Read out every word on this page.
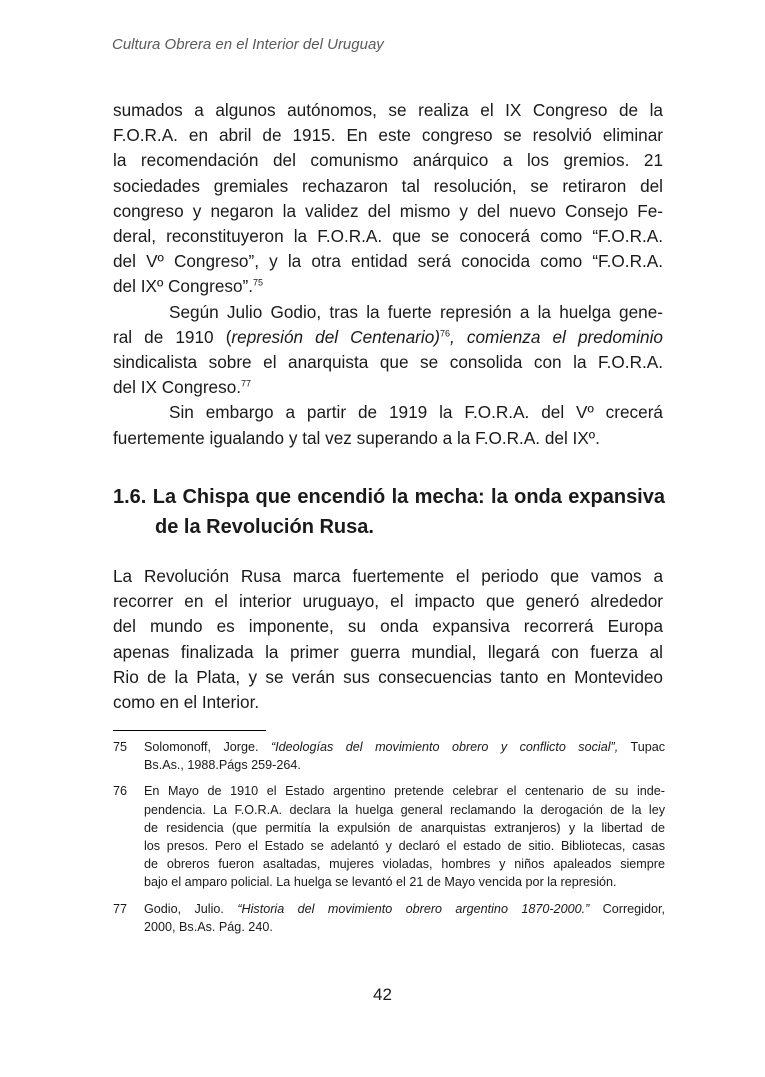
Cultura Obrera en el Interior del Uruguay
sumados a algunos autónomos, se realiza el IX Congreso de la
F.O.R.A. en abril de 1915. En este congreso se resolvió eliminar
la recomendación del comunismo anárquico a los gremios. 21
sociedades gremiales rechazaron tal resolución, se retiraron del
congreso y negaron la validez del mismo y del nuevo Consejo Fe-
deral, reconstituyeron la F.O.R.A. que se conocerá como “F.O.R.A.
del Vº Congreso”, y la otra entidad será conocida como “F.O.R.A.
del IXº Congreso”.$^{75}$
Según Julio Godio, tras la fuerte represión a la huelga gene-
ral de 1910 (represión del Centenario)$^{76}$, comienza el predominio
sindicalista sobre el anarquista que se consolida con la F.O.R.A.
del IX Congreso.$^{77}$
Sin embargo a partir de 1919 la F.O.R.A. del Vº crecerá
fuertemente igualando y tal vez superando a la F.O.R.A. del IXº.
1.6. La Chispa que encendió la mecha: la onda expansiva
de la Revolución Rusa.
La Revolución Rusa marca fuertemente el periodo que vamos a
recorrer en el interior uruguayo, el impacto que generó alrededor
del mundo es imponente, su onda expansiva recorrerá Europa
apenas finalizada la primer guerra mundial, llegará con fuerza al
Rio de la Plata, y se verán sus consecuencias tanto en Montevideo
como en el Interior.
75	Solomonoff, Jorge. “Ideologías del movimiento obrero y conflicto social”, Tupac
Bs.As., 1988.Págs 259-264.
76	En Mayo de 1910 el Estado argentino pretende celebrar el centenario de su inde-
pendencia. La F.O.R.A. declara la huelga general reclamando la derogación de la ley
de residencia (que permitía la expulsión de anarquistas extranjeros) y la libertad de
los presos. Pero el Estado se adelantó y declaró el estado de sitio. Bibliotecas, casas
de obreros fueron asaltadas, mujeres violadas, hombres y niños apaleados siempre
bajo el amparo policial. La huelga se levantó el 21 de Mayo vencida por la represión.
77	Godio, Julio. “Historia del movimiento obrero argentino 1870-2000.” Corregidor,
2000, Bs.As. Pág. 240.
42
